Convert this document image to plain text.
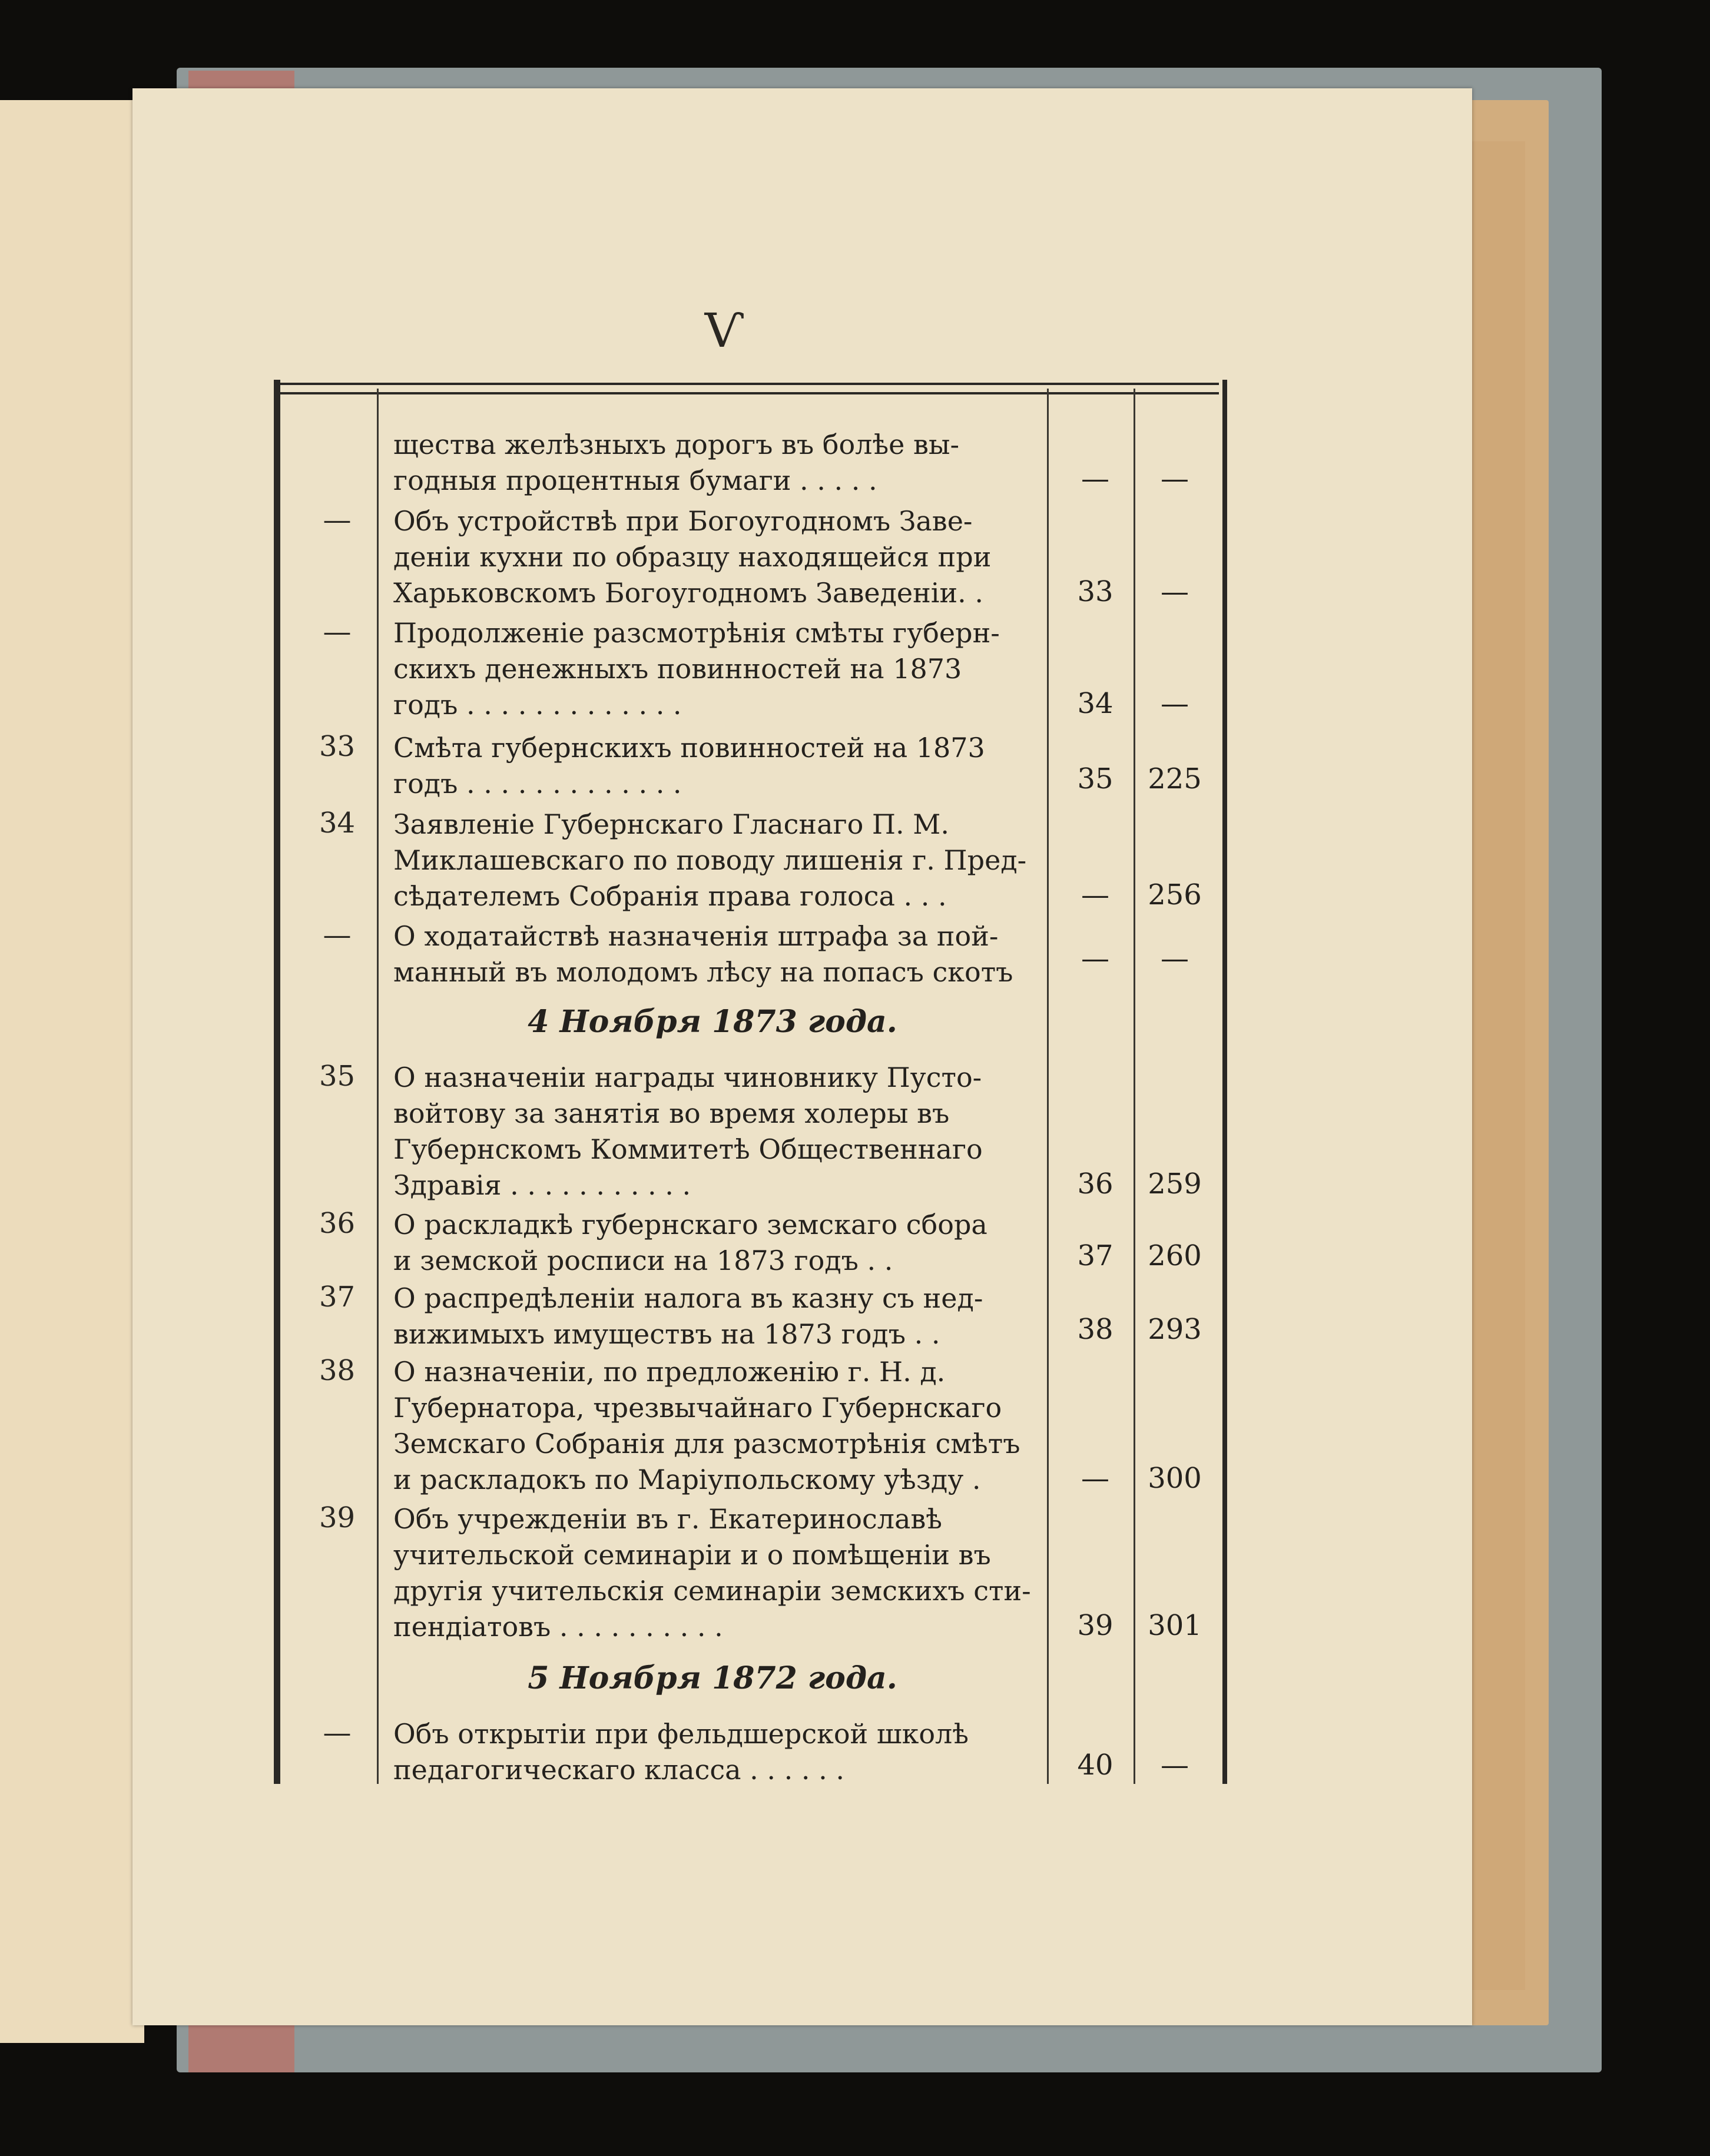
Ѵ
щества желѣзныхъ дорогъ въ болѣе вы-
годныя процентныя бумаги . . . . .	—	—
—	Объ устройствѣ при Богоугодномъ Заве-
деніи кухни по образцу находящейся при
Харьковскомъ Богоугодномъ Заведеніи. .	33	—
—	Продолженіе разсмотрѣнія смѣты губерн-
скихъ денежныхъ повинностей на 1873
годъ . . . . . . . . . . . . .	34	—
33	Смѣта губернскихъ повинностей на 1873
годъ . . . . . . . . . . . . .	35	225
34	Заявленіе Губернскаго Гласнаго П. М.
Миклашевскаго по поводу лишенія г. Пред-
сѣдателемъ Собранія права голоса . . .	—	256
—	О ходатайствѣ назначенія штрафа за пой-
манный въ молодомъ лѣсу на попасъ скотъ	—	—
4 Ноября 1873 года.
35	О назначеніи награды чиновнику Пусто-
войтову за занятія во время холеры въ
Губернскомъ Коммитетѣ Общественнаго
Здравія . . . . . . . . . . .	36	259
36	О раскладкѣ губернскаго земскаго сбора
и земской росписи на 1873 годъ . .	37	260
37	О распредѣленіи налога въ казну съ нед-
вижимыхъ имуществъ на 1873 годъ . .	38	293
38	О назначеніи, по предложенію г. Н. д.
Губернатора, чрезвычайнаго Губернскаго
Земскаго Собранія для разсмотрѣнія смѣтъ
и раскладокъ по Маріупольскому уѣзду .	—	300
39	Объ учрежденіи въ г. Екатеринославѣ
учительской семинаріи и о помѣщеніи въ
другія учительскія семинаріи земскихъ сти-
пендіатовъ . . . . . . . . . .	39	301
5 Ноября 1872 года.
—	Объ открытіи при фельдшерской школѣ
педагогическаго класса . . . . . .	40	—
